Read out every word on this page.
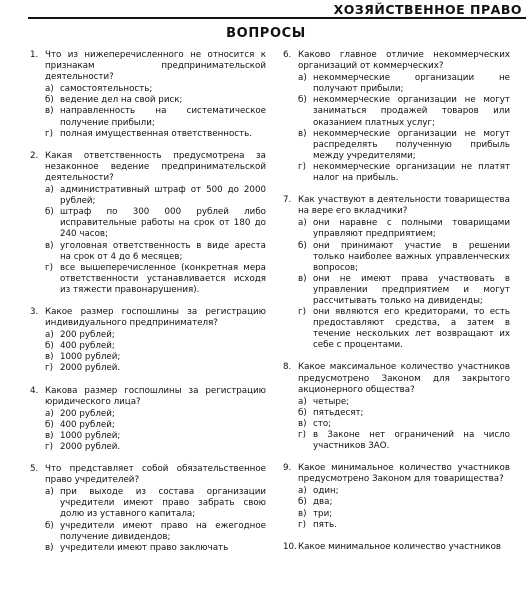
ХОЗЯЙСТВЕННОЕ ПРАВО
ВОПРОСЫ
1. Что из нижеперечисленного не относится к признакам предпринимательской деятельности?
а) самостоятельность;
б) ведение дел на свой риск;
в) направленность на систематическое получение прибыли;
г) полная имущественная ответственность.
2. Какая ответственность предусмотрена за незаконное ведение предпринимательской деятельности?
а) административный штраф от 500 до 2000 рублей;
б) штраф по 300 000 рублей либо исправительные работы на срок от 180 до 240 часов;
в) уголовная ответственность в виде ареста на срок от 4 до 6 месяцев;
г) все вышеперечисленное (конкретная мера ответственности устанавливается исходя из тяжести правонарушения).
3. Какое размер госпошлины за регистрацию индивидуального предпринимателя?
а) 200 рублей;
б) 400 рублей;
в) 1000 рублей;
г) 2000 рублей.
4. Какова размер госпошлины за регистрацию юридического лица?
а) 200 рублей;
б) 400 рублей;
в) 1000 рублей;
г) 2000 рублей.
5. Что представляет собой обязательственное право учредителей?
а) при выходе из состава организации учредители имеют право забрать свою долю из уставного капитала;
б) учредители имеют право на ежегодное получение дивидендов;
в) учредители имеют право заключать
6. Каково главное отличие некоммерческих организаций от коммерческих?
а) некоммерческие организации не получают прибыли;
б) некоммерческие организации не могут заниматься продажей товаров или оказанием платных услуг;
в) некоммерческие организации не могут распределять полученную прибыль между учредителями;
г) некоммерческие организации не платят налог на прибыль.
7. Как участвуют в деятельности товарищества на вере его вкладчики?
а) они наравне с полными товарищами управляют предприятием;
б) они принимают участие в решении только наиболее важных управленческих вопросов;
в) они не имеют права участвовать в управлении предприятием и могут рассчитывать только на дивиденды;
г) они являются его кредиторами, то есть предоставляют средства, а затем в течение нескольких лет возвращают их себе с процентами.
8. Какое максимальное количество участников предусмотрено Законом для закрытого акционерного общества?
а) четыре;
б) пятьдесят;
в) сто;
г) в Законе нет ограничений на число участников ЗАО.
9. Какое минимальное количество участников предусмотрено Законом для товарищества?
а) один;
б) два;
в) три;
г) пять.
10. Какое минимальное количество участников
